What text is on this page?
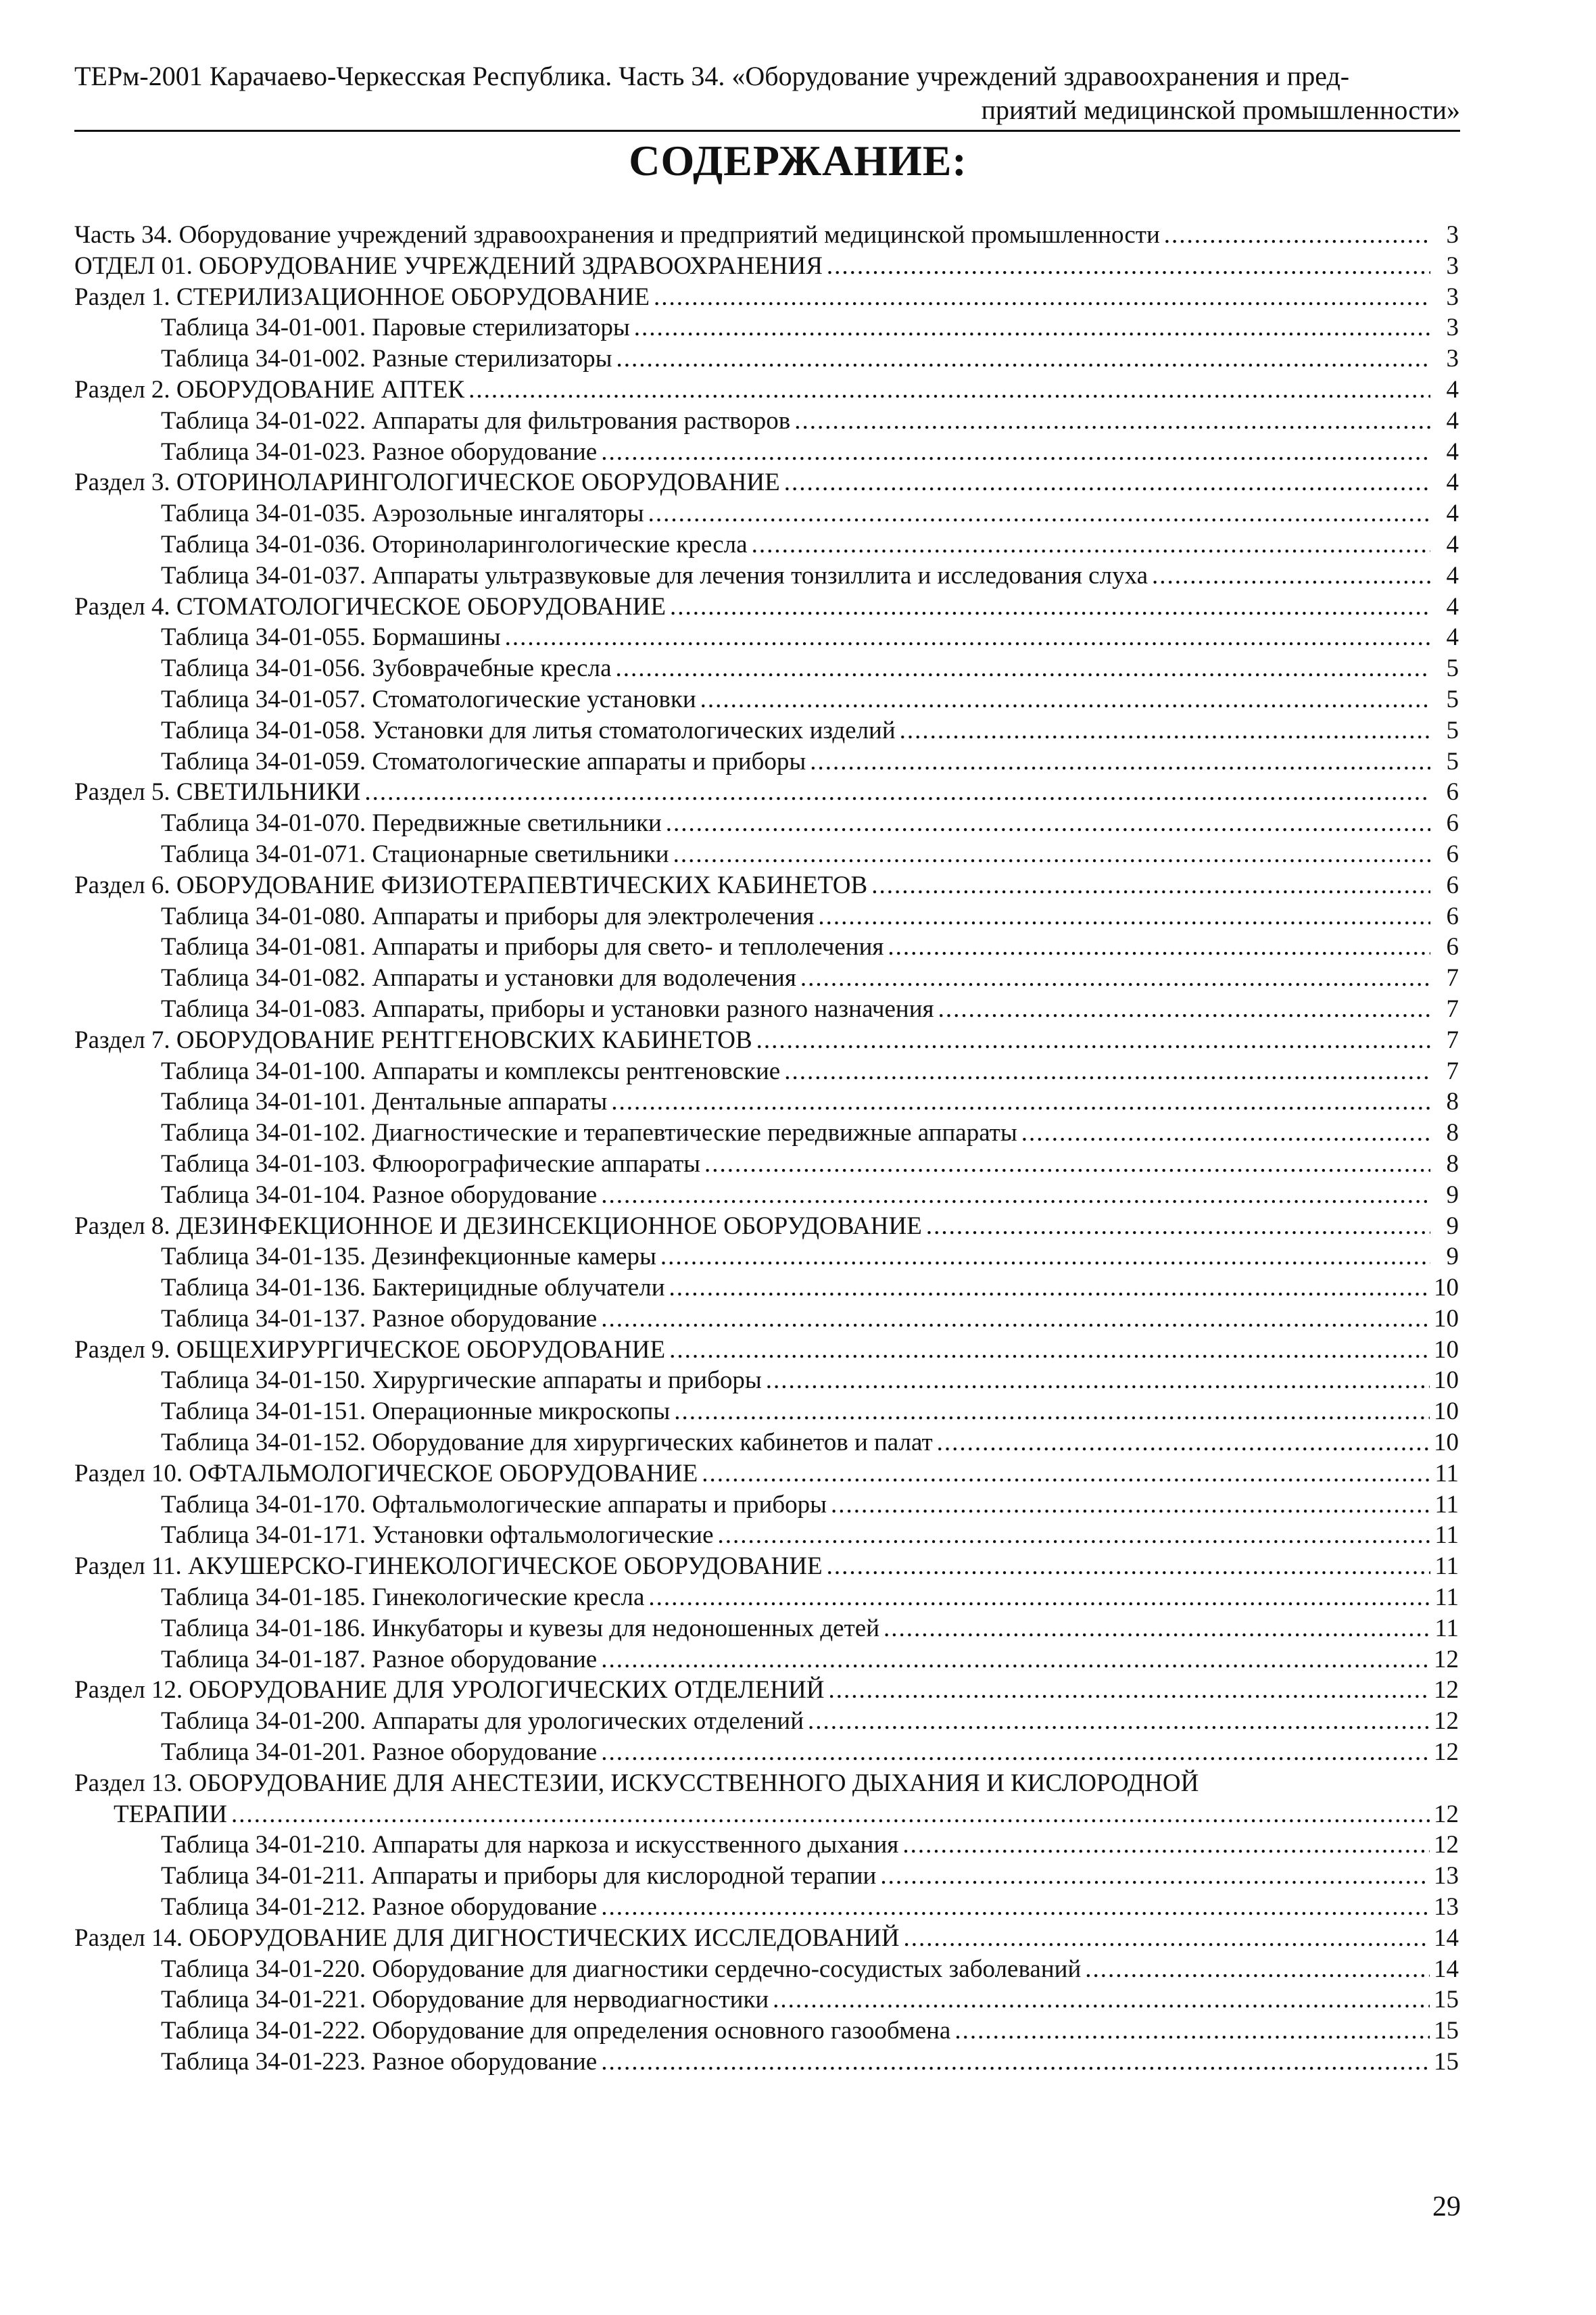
ТЕРм-2001 Карачаево-Черкесская Республика. Часть 34. «Оборудование учреждений здравоохранения и пред-
приятий медицинской промышленности»
СОДЕРЖАНИЕ:
Часть 34. Оборудование учреждений здравоохранения и предприятий медицинской промышленности .....	3
ОТДЕЛ 01. ОБОРУДОВАНИЕ УЧРЕЖДЕНИЙ ЗДРАВООХРАНЕНИЯ .....	3
Раздел 1. СТЕРИЛИЗАЦИОННОЕ ОБОРУДОВАНИЕ .....	3
Таблица 34-01-001. Паровые стерилизаторы .....	3
Таблица 34-01-002. Разные стерилизаторы .....	3
Раздел 2. ОБОРУДОВАНИЕ АПТЕК .....	4
Таблица 34-01-022. Аппараты для фильтрования растворов .....	4
Таблица 34-01-023. Разное оборудование .....	4
Раздел 3. ОТОРИНОЛАРИНГОЛОГИЧЕСКОЕ ОБОРУДОВАНИЕ .....	4
Таблица 34-01-035. Аэрозольные ингаляторы .....	4
Таблица 34-01-036. Оториноларингологические кресла .....	4
Таблица 34-01-037. Аппараты ультразвуковые для лечения тонзиллита и исследования слуха .....	4
Раздел 4. СТОМАТОЛОГИЧЕСКОЕ ОБОРУДОВАНИЕ .....	4
Таблица 34-01-055. Бормашины .....	4
Таблица 34-01-056. Зубоврачебные кресла .....	5
Таблица 34-01-057. Стоматологические установки .....	5
Таблица 34-01-058. Установки для литья стоматологических изделий .....	5
Таблица 34-01-059. Стоматологические аппараты и приборы .....	5
Раздел 5. СВЕТИЛЬНИКИ .....	6
Таблица 34-01-070. Передвижные светильники .....	6
Таблица 34-01-071. Стационарные светильники .....	6
Раздел 6. ОБОРУДОВАНИЕ ФИЗИОТЕРАПЕВТИЧЕСКИХ КАБИНЕТОВ .....	6
Таблица 34-01-080. Аппараты и приборы для электролечения .....	6
Таблица 34-01-081. Аппараты и приборы для свето- и теплолечения .....	6
Таблица 34-01-082. Аппараты и установки для водолечения .....	7
Таблица 34-01-083. Аппараты, приборы и установки разного назначения .....	7
Раздел 7. ОБОРУДОВАНИЕ РЕНТГЕНОВСКИХ КАБИНЕТОВ .....	7
Таблица 34-01-100. Аппараты и комплексы рентгеновские .....	7
Таблица 34-01-101. Дентальные аппараты .....	8
Таблица 34-01-102. Диагностические и терапевтические передвижные аппараты .....	8
Таблица 34-01-103. Флюорографические аппараты .....	8
Таблица 34-01-104. Разное оборудование .....	9
Раздел 8. ДЕЗИНФЕКЦИОННОЕ И ДЕЗИНСЕКЦИОННОЕ ОБОРУДОВАНИЕ .....	9
Таблица 34-01-135. Дезинфекционные камеры .....	9
Таблица 34-01-136. Бактерицидные облучатели .....	10
Таблица 34-01-137. Разное оборудование .....	10
Раздел 9. ОБЩЕХИРУРГИЧЕСКОЕ ОБОРУДОВАНИЕ .....	10
Таблица 34-01-150. Хирургические аппараты и приборы .....	10
Таблица 34-01-151. Операционные микроскопы .....	10
Таблица 34-01-152. Оборудование для хирургических кабинетов и палат .....	10
Раздел 10. ОФТАЛЬМОЛОГИЧЕСКОЕ ОБОРУДОВАНИЕ .....	11
Таблица 34-01-170. Офтальмологические аппараты и приборы .....	11
Таблица 34-01-171. Установки офтальмологические .....	11
Раздел 11. АКУШЕРСКО-ГИНЕКОЛОГИЧЕСКОЕ ОБОРУДОВАНИЕ .....	11
Таблица 34-01-185. Гинекологические кресла .....	11
Таблица 34-01-186. Инкубаторы и кувезы для недоношенных детей .....	11
Таблица 34-01-187. Разное оборудование .....	12
Раздел 12. ОБОРУДОВАНИЕ ДЛЯ УРОЛОГИЧЕСКИХ ОТДЕЛЕНИЙ .....	12
Таблица 34-01-200. Аппараты для урологических отделений .....	12
Таблица 34-01-201. Разное оборудование .....	12
Раздел 13. ОБОРУДОВАНИЕ ДЛЯ АНЕСТЕЗИИ, ИСКУССТВЕННОГО ДЫХАНИЯ И КИСЛОРОДНОЙ
ТЕРАПИИ .....	12
Таблица 34-01-210. Аппараты для наркоза и искусственного дыхания .....	12
Таблица 34-01-211. Аппараты и приборы для кислородной терапии .....	13
Таблица 34-01-212. Разное оборудование .....	13
Раздел 14. ОБОРУДОВАНИЕ ДЛЯ ДИГНОСТИЧЕСКИХ ИССЛЕДОВАНИЙ .....	14
Таблица 34-01-220. Оборудование для диагностики сердечно-сосудистых заболеваний .....	14
Таблица 34-01-221. Оборудование для нерводиагностики .....	15
Таблица 34-01-222. Оборудование для определения основного газообмена .....	15
Таблица 34-01-223. Разное оборудование .....	15
29
